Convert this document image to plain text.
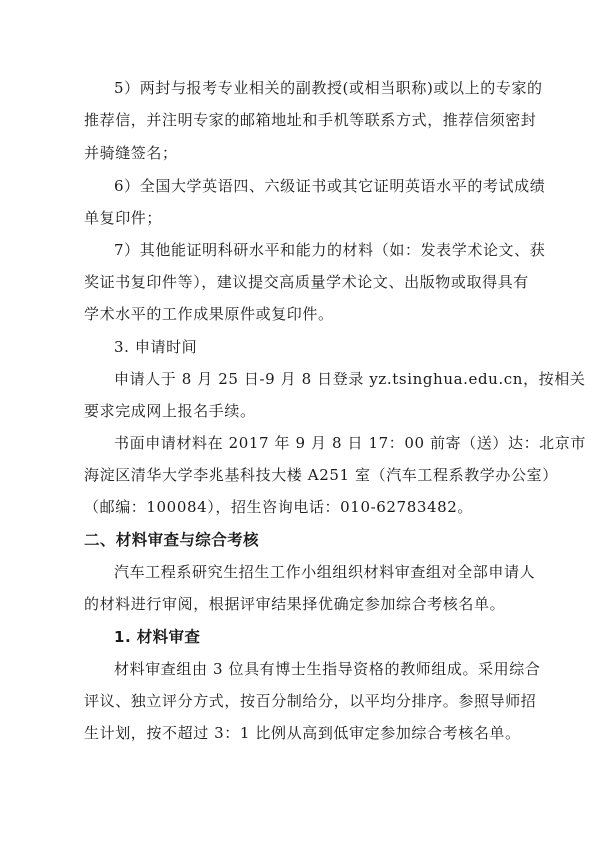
5）两封与报考专业相关的副教授(或相当职称)或以上的专家的
推荐信，并注明专家的邮箱地址和手机等联系方式，推荐信须密封
并骑缝签名；
6）全国大学英语四、六级证书或其它证明英语水平的考试成绩
单复印件；
7）其他能证明科研水平和能力的材料（如：发表学术论文、获
奖证书复印件等），建议提交高质量学术论文、出版物或取得具有
学术水平的工作成果原件或复印件。
3. 申请时间
申请人于 8 月 25 日-9 月 8 日登录 yz.tsinghua.edu.cn，按相关
要求完成网上报名手续。
书面申请材料在 2017 年 9 月 8 日 17：00 前寄（送）达：北京市
海淀区清华大学李兆基科技大楼 A251 室（汽车工程系教学办公室）
（邮编：100084），招生咨询电话：010-62783482。
二、材料审查与综合考核
汽车工程系研究生招生工作小组组织材料审查组对全部申请人
的材料进行审阅，根据评审结果择优确定参加综合考核名单。
1. 材料审查
材料审查组由 3 位具有博士生指导资格的教师组成。采用综合
评议、独立评分方式，按百分制给分，以平均分排序。参照导师招
生计划，按不超过 3：1 比例从高到低审定参加综合考核名单。
